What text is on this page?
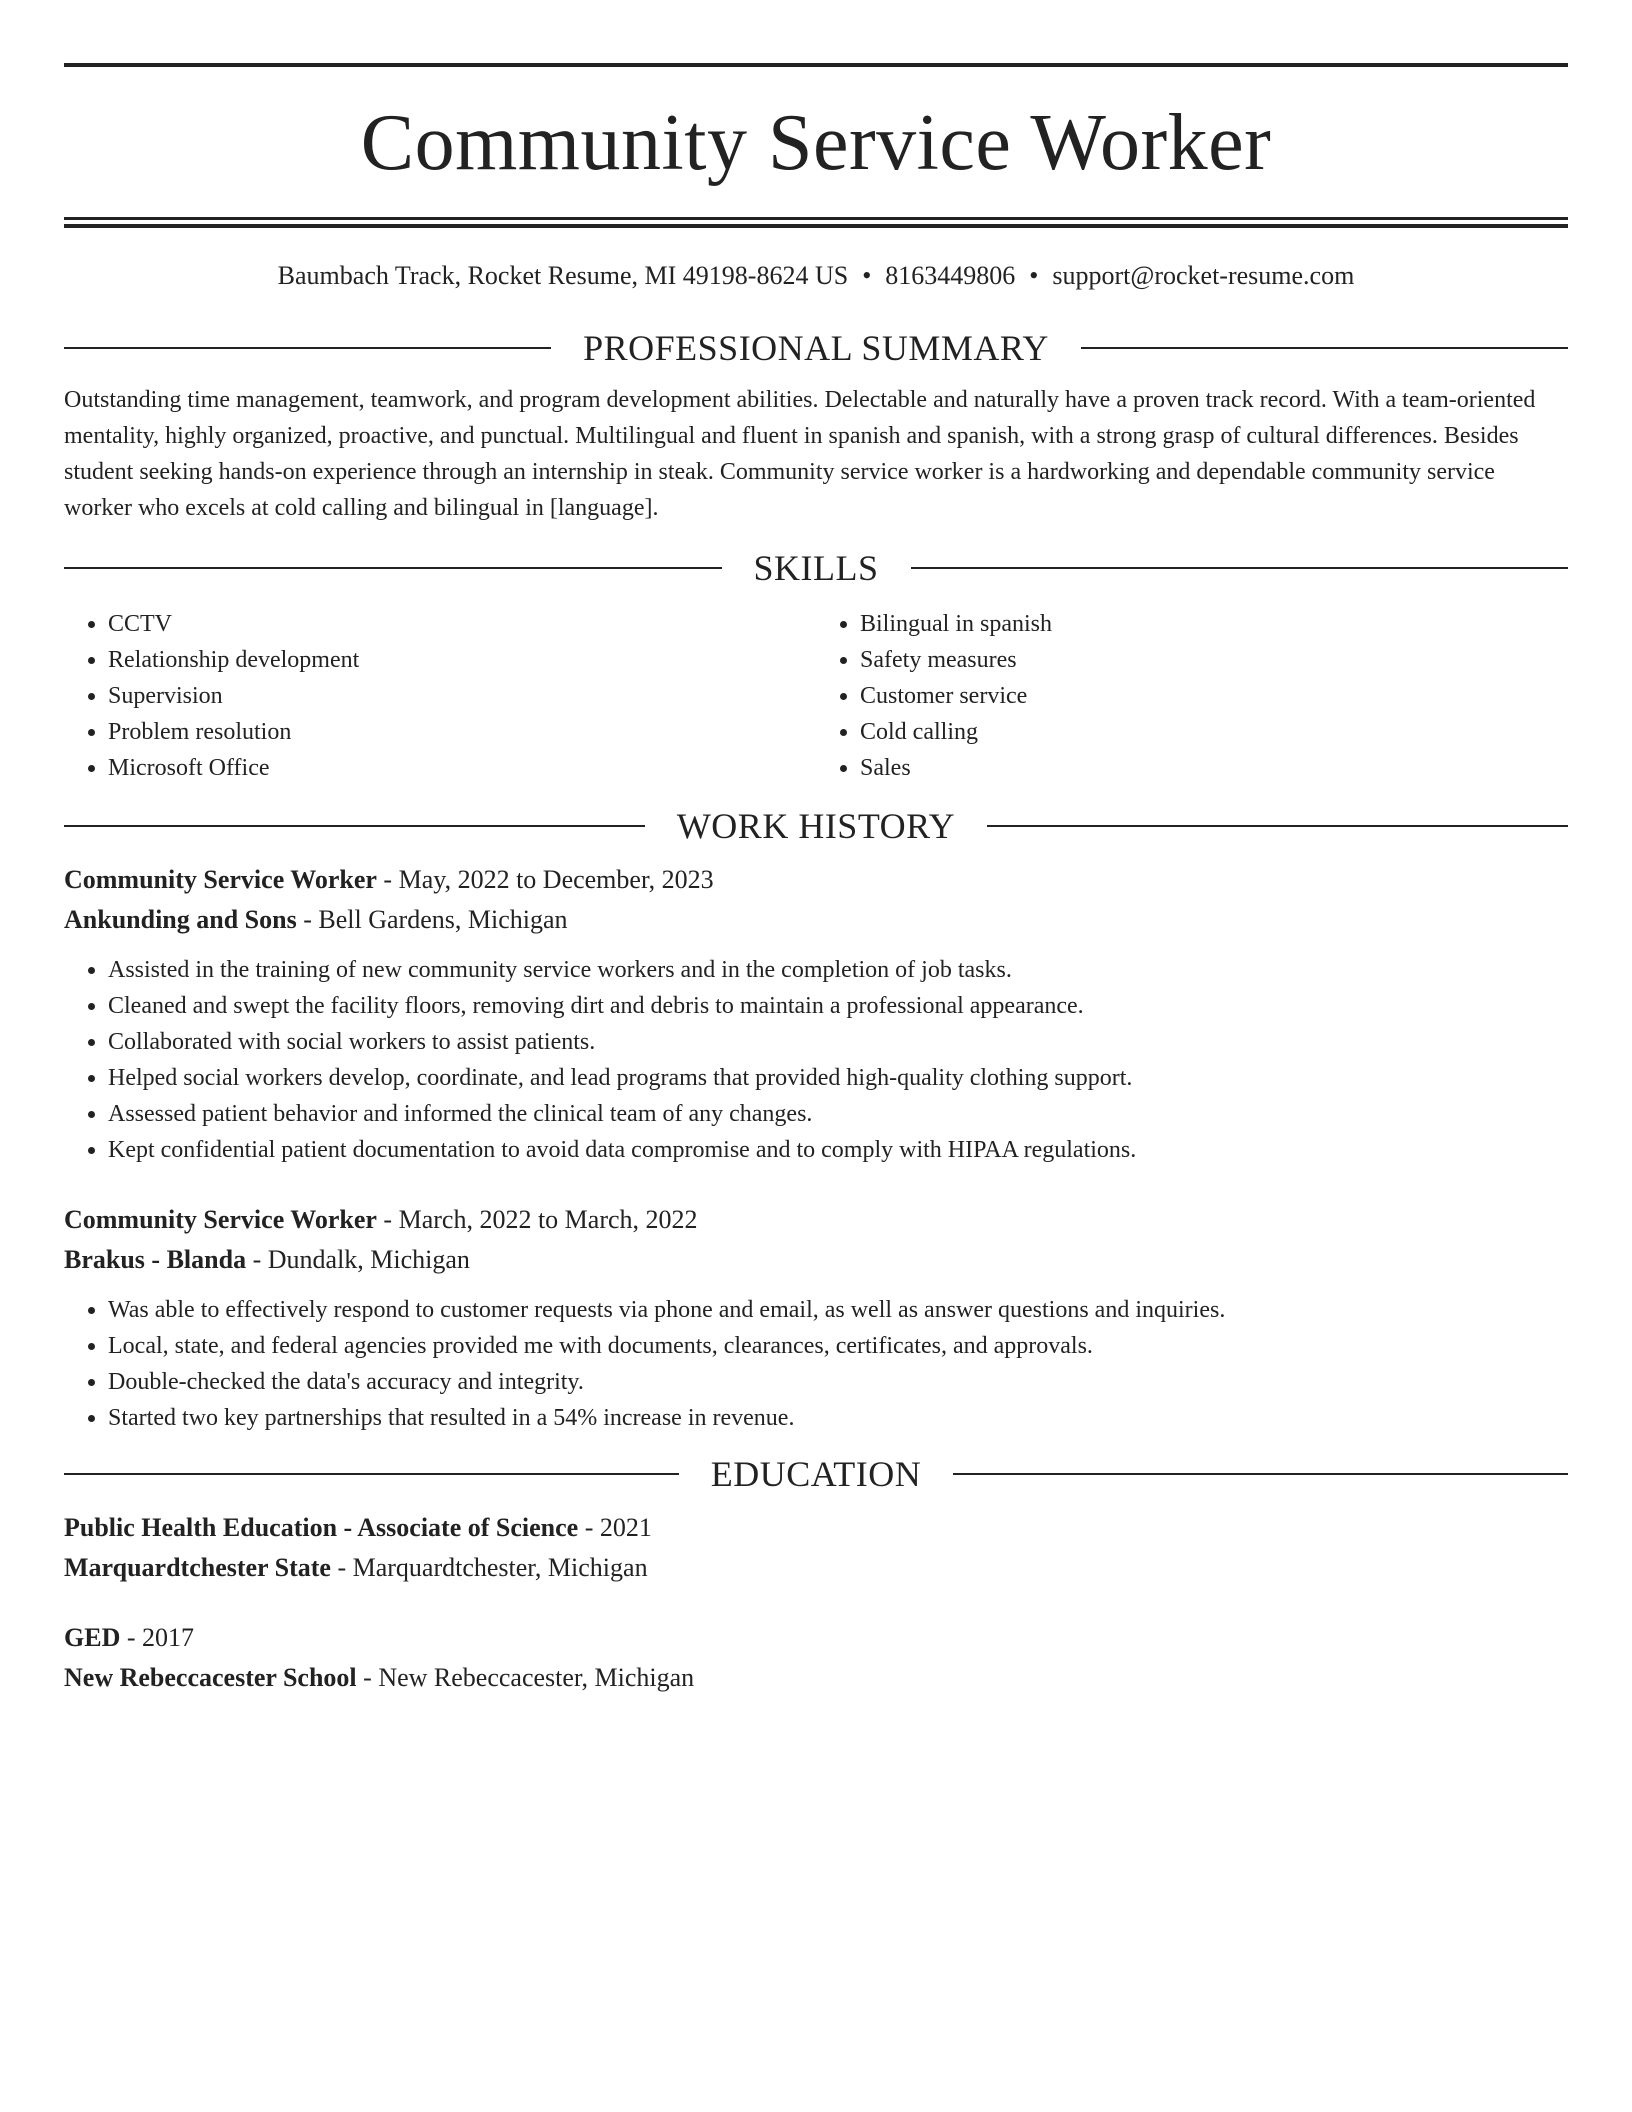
Community Service Worker
Baumbach Track, Rocket Resume, MI 49198-8624 US • 8163449806 • support@rocket-resume.com
PROFESSIONAL SUMMARY
Outstanding time management, teamwork, and program development abilities. Delectable and naturally have a proven track record. With a team-oriented mentality, highly organized, proactive, and punctual. Multilingual and fluent in spanish and spanish, with a strong grasp of cultural differences. Besides student seeking hands-on experience through an internship in steak. Community service worker is a hardworking and dependable community service worker who excels at cold calling and bilingual in [language].
SKILLS
• CCTV
• Relationship development
• Supervision
• Problem resolution
• Microsoft Office
• Bilingual in spanish
• Safety measures
• Customer service
• Cold calling
• Sales
WORK HISTORY
Community Service Worker - May, 2022 to December, 2023
Ankunding and Sons - Bell Gardens, Michigan
• Assisted in the training of new community service workers and in the completion of job tasks.
• Cleaned and swept the facility floors, removing dirt and debris to maintain a professional appearance.
• Collaborated with social workers to assist patients.
• Helped social workers develop, coordinate, and lead programs that provided high-quality clothing support.
• Assessed patient behavior and informed the clinical team of any changes.
• Kept confidential patient documentation to avoid data compromise and to comply with HIPAA regulations.
Community Service Worker - March, 2022 to March, 2022
Brakus - Blanda - Dundalk, Michigan
• Was able to effectively respond to customer requests via phone and email, as well as answer questions and inquiries.
• Local, state, and federal agencies provided me with documents, clearances, certificates, and approvals.
• Double-checked the data's accuracy and integrity.
• Started two key partnerships that resulted in a 54% increase in revenue.
EDUCATION
Public Health Education - Associate of Science - 2021
Marquardtchester State - Marquardtchester, Michigan
GED - 2017
New Rebeccacester School - New Rebeccacester, Michigan
